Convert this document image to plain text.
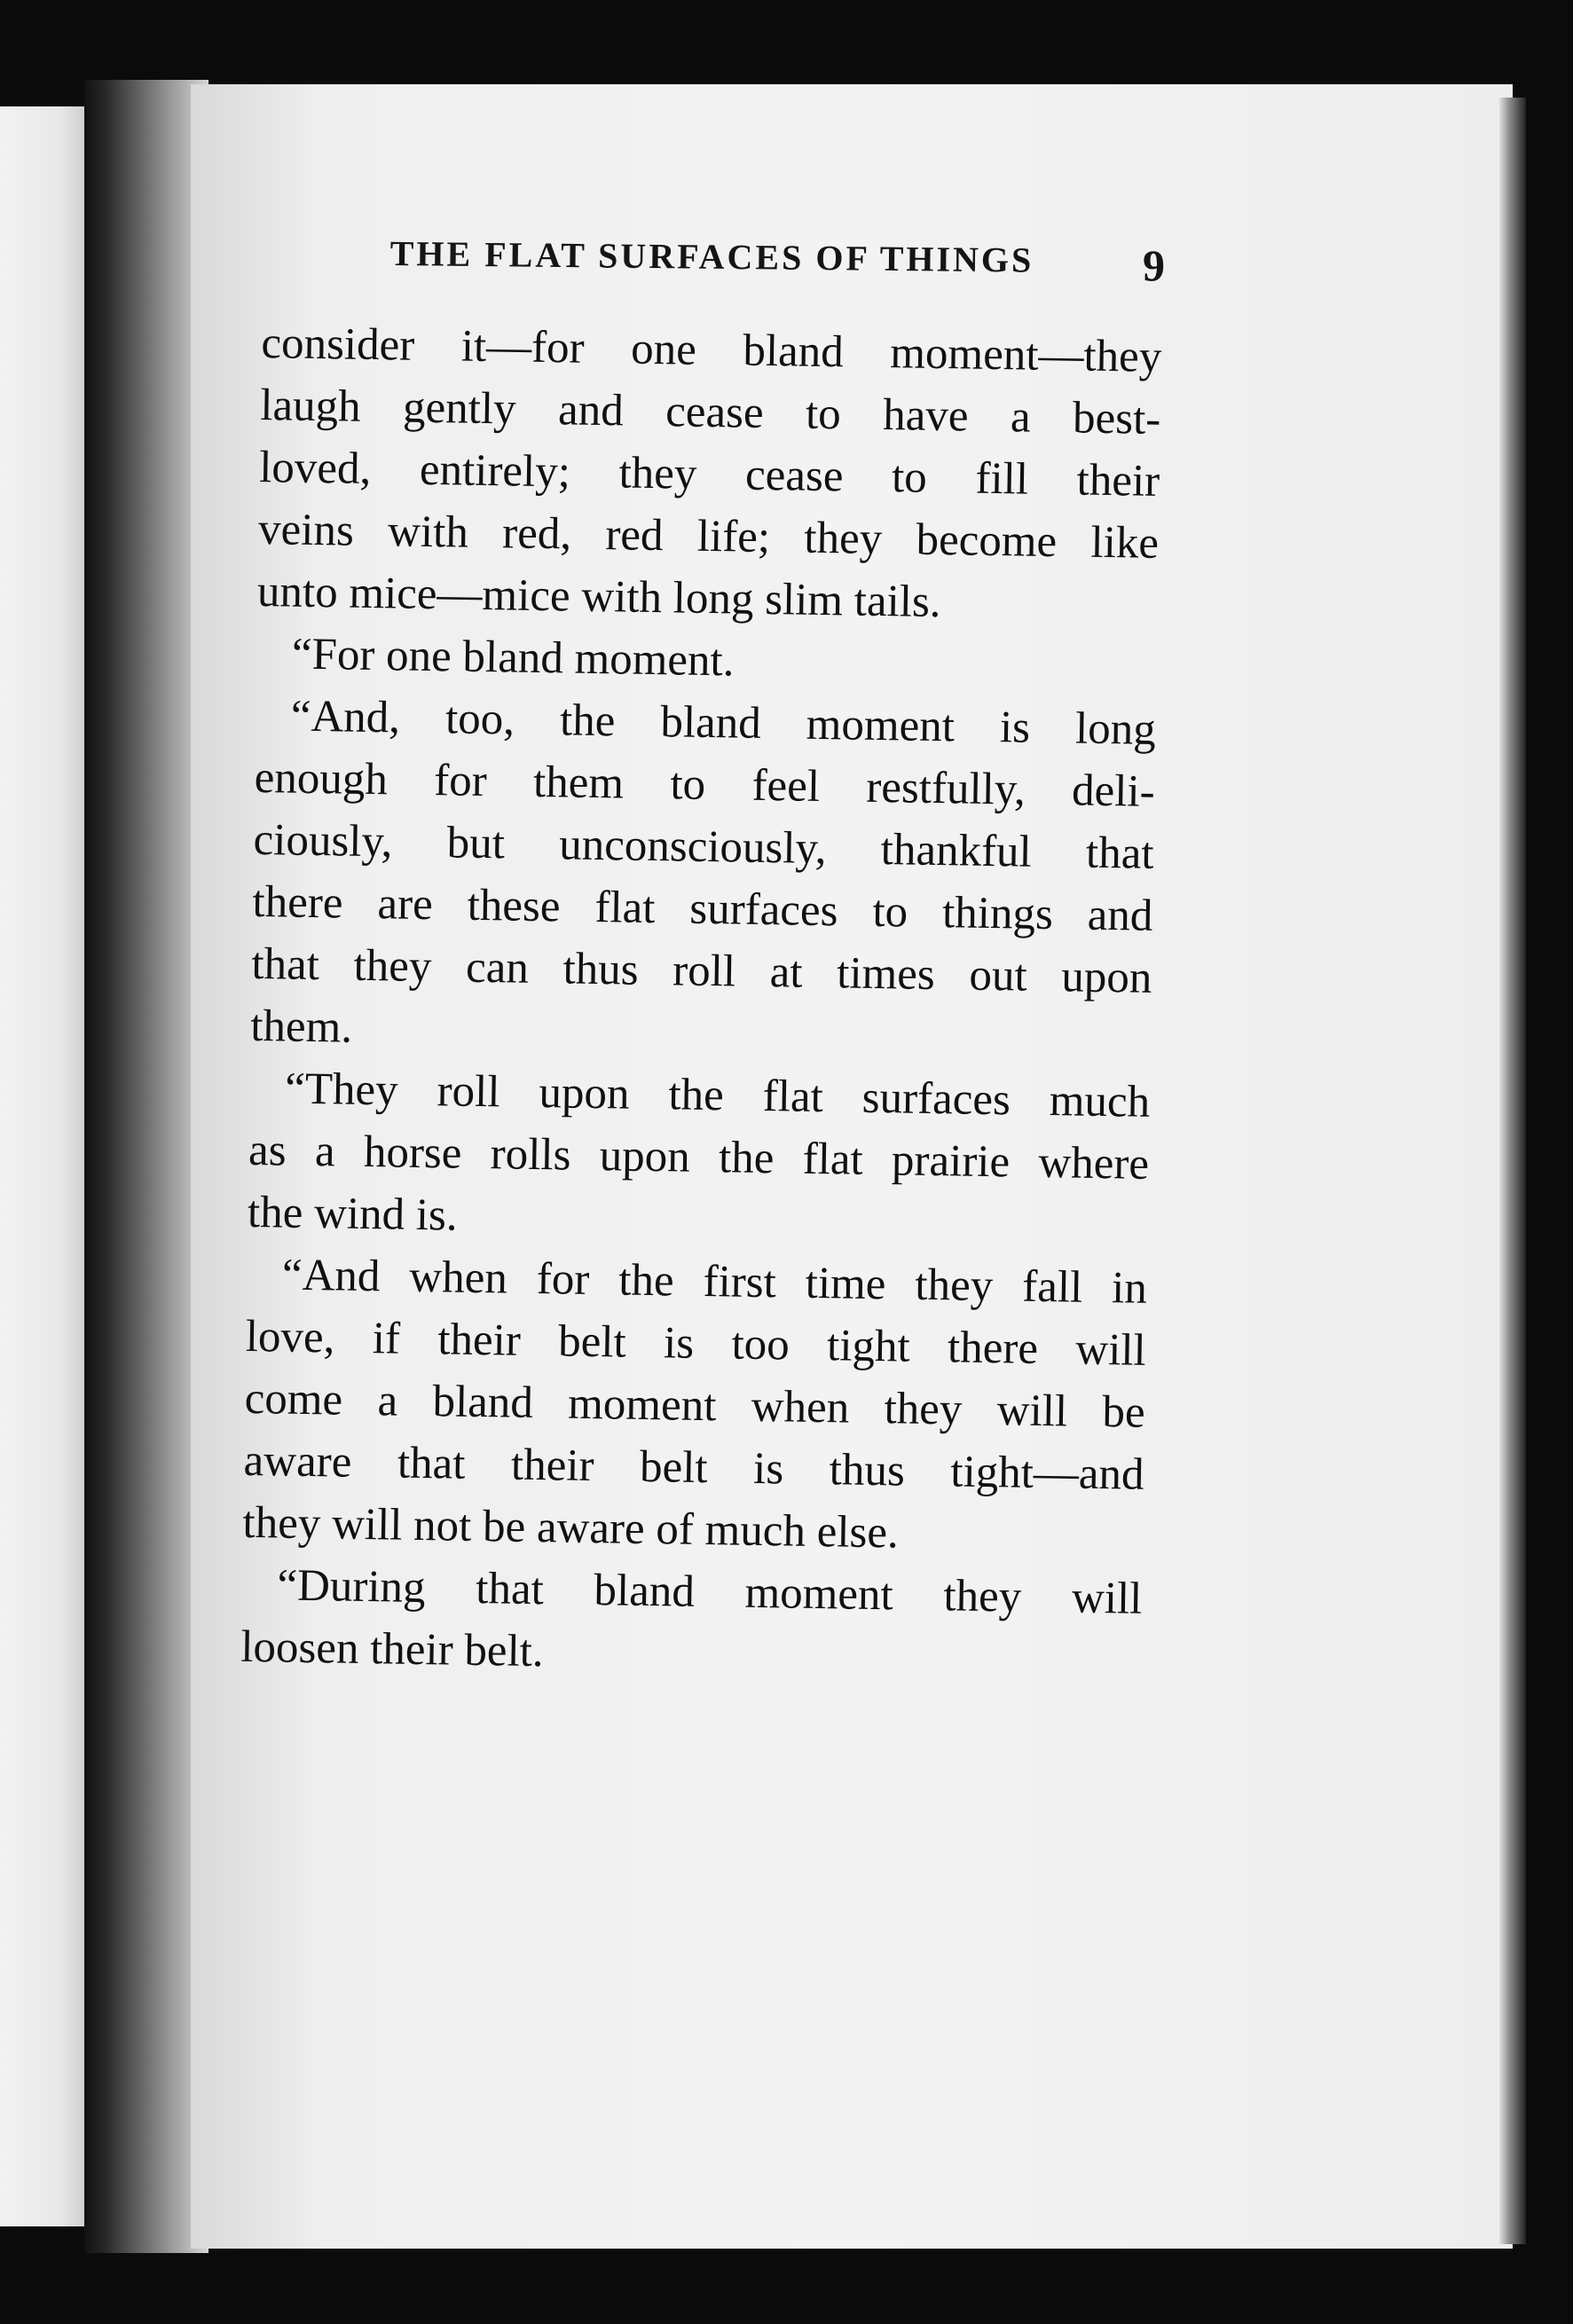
THE FLAT SURFACES OF THINGS 9
consider it—for one bland moment—they
laugh gently and cease to have a best-
loved, entirely; they cease to fill their
veins with red, red life; they become like
unto mice—mice with long slim tails.
“For one bland moment.
“And, too, the bland moment is long
enough for them to feel restfully, deli-
ciously, but unconsciously, thankful that
there are these flat surfaces to things and
that they can thus roll at times out upon
them.
“They roll upon the flat surfaces much
as a horse rolls upon the flat prairie where
the wind is.
“And when for the first time they fall in
love, if their belt is too tight there will
come a bland moment when they will be
aware that their belt is thus tight—and
they will not be aware of much else.
“During that bland moment they will
loosen their belt.
